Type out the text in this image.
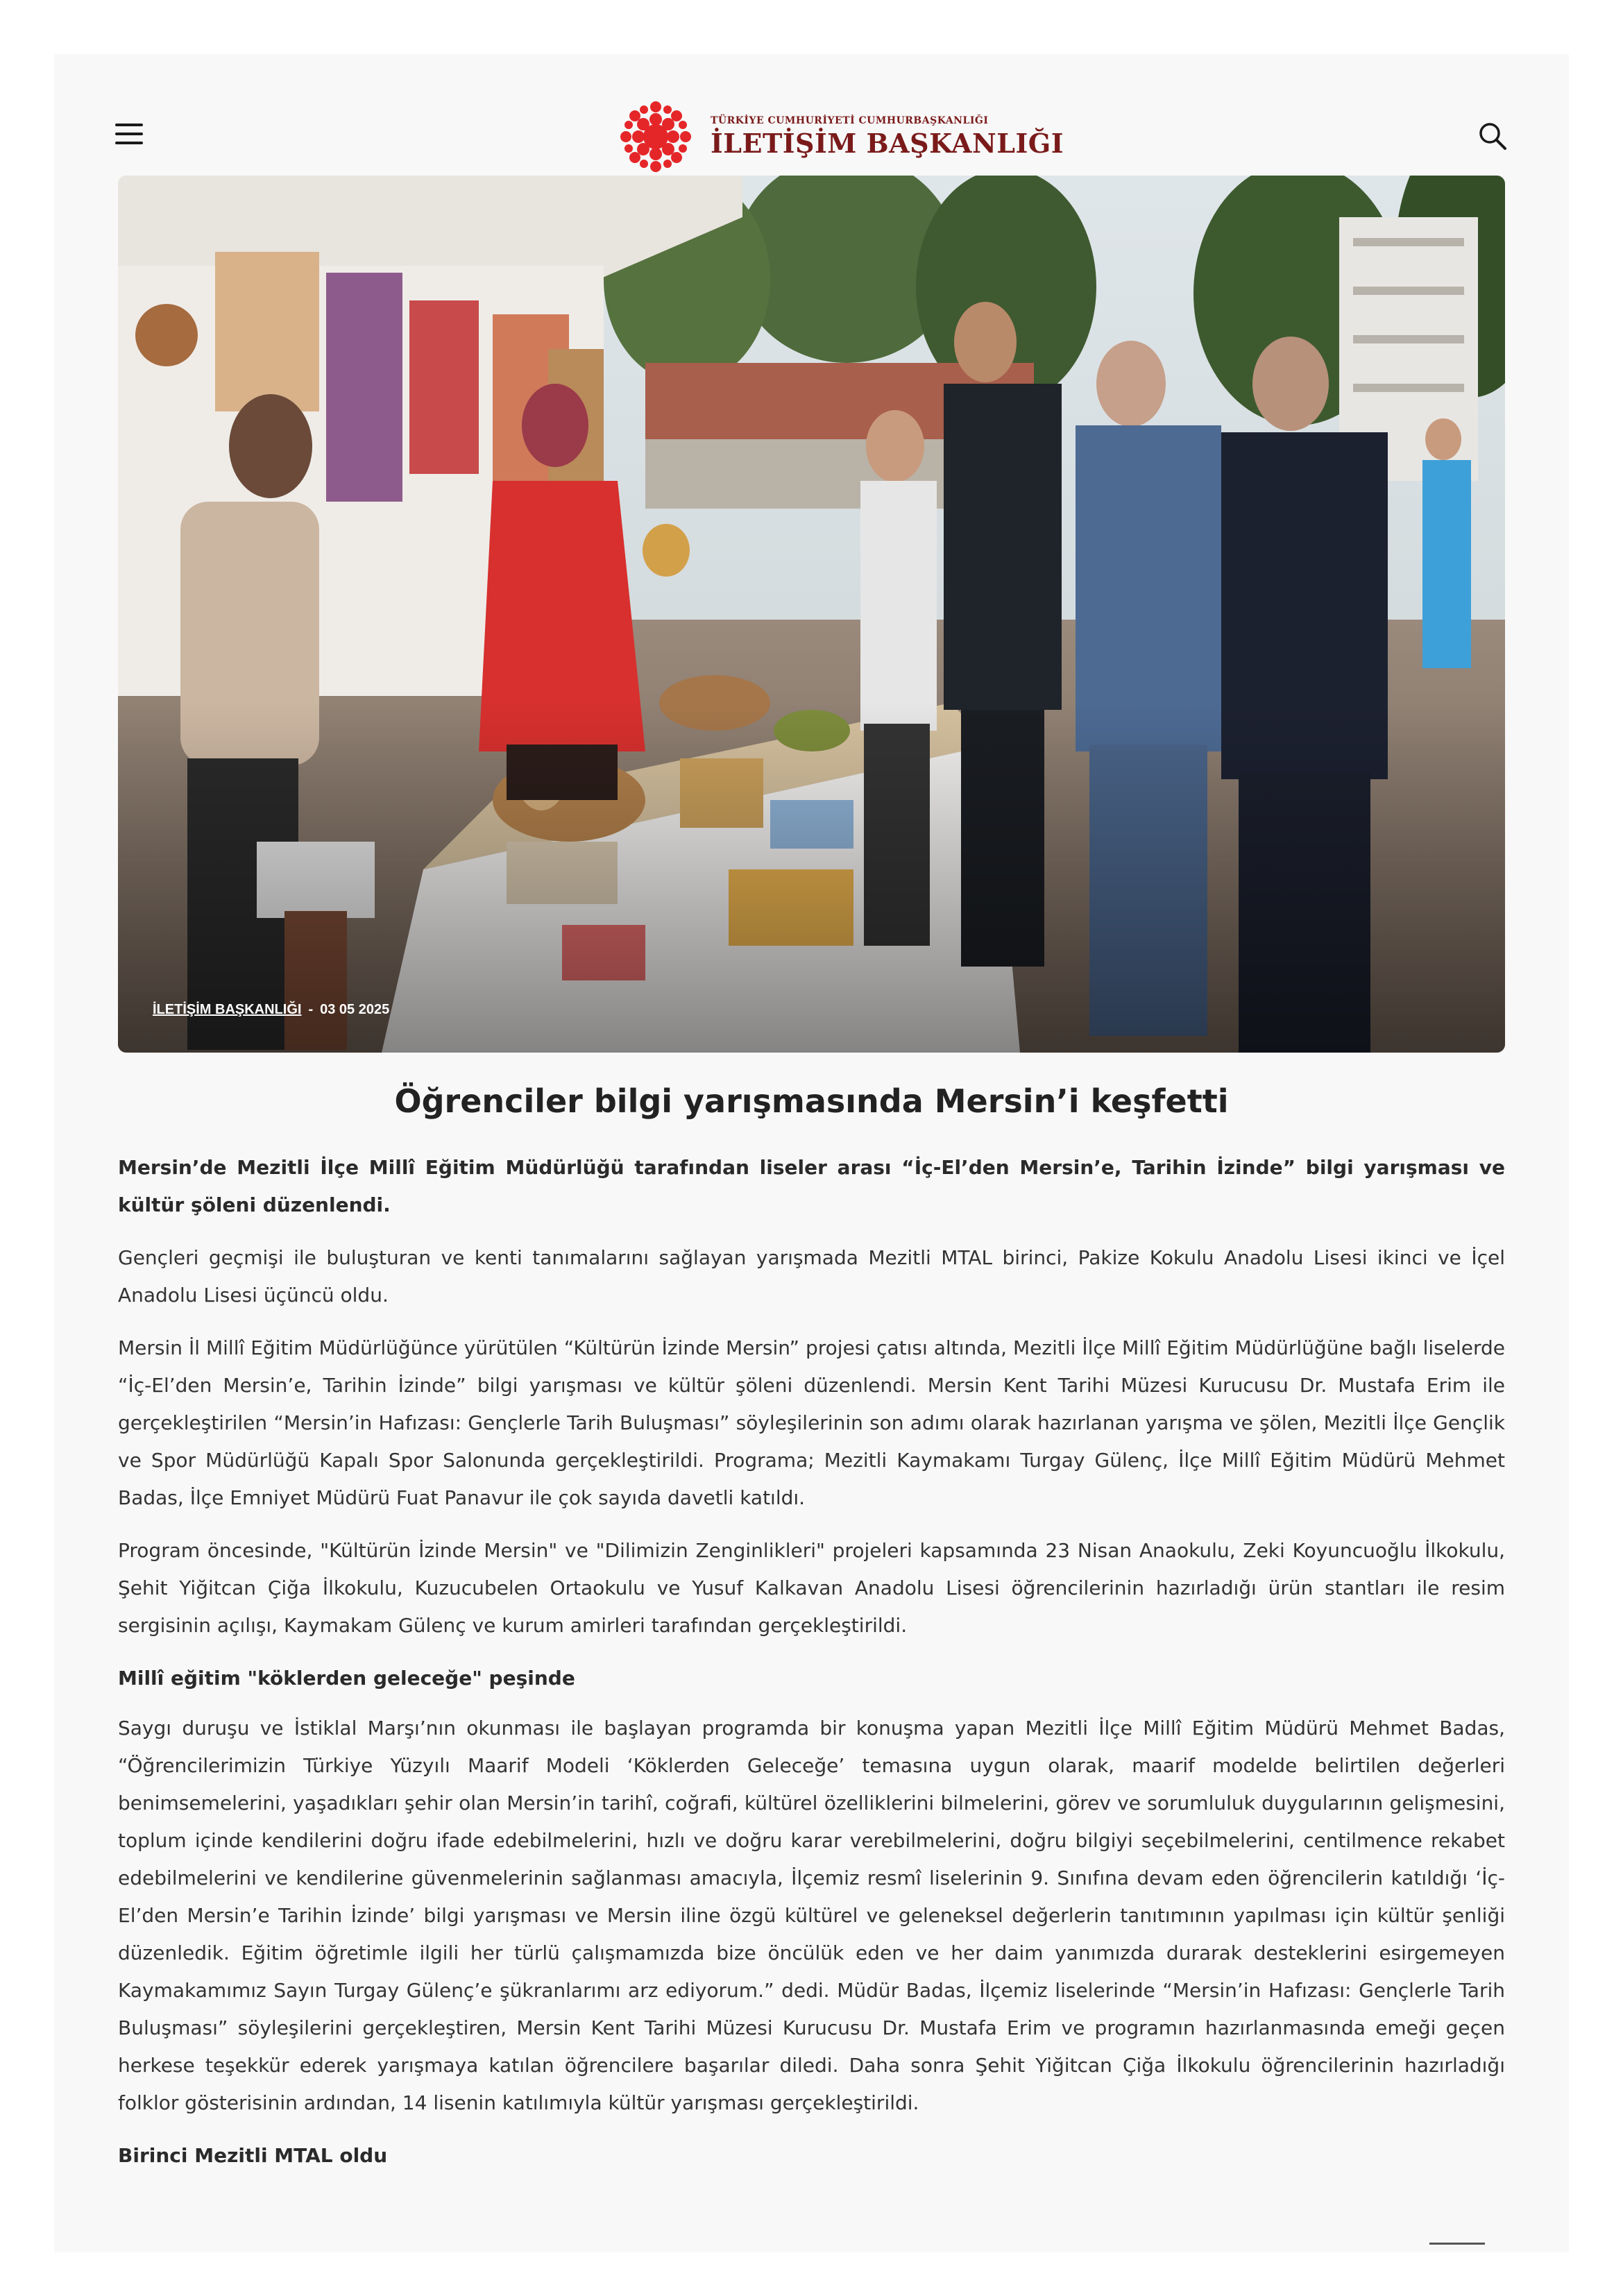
TÜRKİYE CUMHURİYETİ CUMHURBAŞKANLIĞI
İLETİŞİM BAŞKANLIĞI
İLETİŞİM BAŞKANLIĞI - 03 05 2025
Öğrenciler bilgi yarışmasında Mersin’i keşfetti

Mersin’de Mezitli İlçe Millî Eğitim Müdürlüğü tarafından liseler arası “İç-El’den Mersin’e, Tarihin İzinde” bilgi yarışması ve kültür şöleni düzenlendi.

Gençleri geçmişi ile buluşturan ve kenti tanımalarını sağlayan yarışmada Mezitli MTAL birinci, Pakize Kokulu Anadolu Lisesi ikinci ve İçel Anadolu Lisesi üçüncü oldu.

Mersin İl Millî Eğitim Müdürlüğünce yürütülen “Kültürün İzinde Mersin” projesi çatısı altında, Mezitli İlçe Millî Eğitim Müdürlüğüne bağlı liselerde “İç-El’den Mersin’e, Tarihin İzinde” bilgi yarışması ve kültür şöleni düzenlendi. Mersin Kent Tarihi Müzesi Kurucusu Dr. Mustafa Erim ile gerçekleştirilen “Mersin’in Hafızası: Gençlerle Tarih Buluşması” söyleşilerinin son adımı olarak hazırlanan yarışma ve şölen, Mezitli İlçe Gençlik ve Spor Müdürlüğü Kapalı Spor Salonunda gerçekleştirildi. Programa; Mezitli Kaymakamı Turgay Gülenç, İlçe Millî Eğitim Müdürü Mehmet Badas, İlçe Emniyet Müdürü Fuat Panavur ile çok sayıda davetli katıldı.

Program öncesinde, "Kültürün İzinde Mersin" ve "Dilimizin Zenginlikleri" projeleri kapsamında 23 Nisan Anaokulu, Zeki Koyuncuoğlu İlkokulu, Şehit Yiğitcan Çiğa İlkokulu, Kuzucubelen Ortaokulu ve Yusuf Kalkavan Anadolu Lisesi öğrencilerinin hazırladığı ürün stantları ile resim sergisinin açılışı, Kaymakam Gülenç ve kurum amirleri tarafından gerçekleştirildi.

Millî eğitim "köklerden geleceğe" peşinde

Saygı duruşu ve İstiklal Marşı’nın okunması ile başlayan programda bir konuşma yapan Mezitli İlçe Millî Eğitim Müdürü Mehmet Badas, “Öğrencilerimizin Türkiye Yüzyılı Maarif Modeli ‘Köklerden Geleceğe’ temasına uygun olarak, maarif modelde belirtilen değerleri benimsemelerini, yaşadıkları şehir olan Mersin’in tarihî, coğrafi, kültürel özelliklerini bilmelerini, görev ve sorumluluk duygularının gelişmesini, toplum içinde kendilerini doğru ifade edebilmelerini, hızlı ve doğru karar verebilmelerini, doğru bilgiyi seçebilmelerini, centilmence rekabet edebilmelerini ve kendilerine güvenmelerinin sağlanması amacıyla, İlçemiz resmî liselerinin 9. Sınıfına devam eden öğrencilerin katıldığı ‘İç-El’den Mersin’e Tarihin İzinde’ bilgi yarışması ve Mersin iline özgü kültürel ve geleneksel değerlerin tanıtımının yapılması için kültür şenliği düzenledik. Eğitim öğretimle ilgili her türlü çalışmamızda bize öncülük eden ve her daim yanımızda durarak desteklerini esirgemeyen Kaymakamımız Sayın Turgay Gülenç’e şükranlarımı arz ediyorum.” dedi. Müdür Badas, İlçemiz liselerinde “Mersin’in Hafızası: Gençlerle Tarih Buluşması” söyleşilerini gerçekleştiren, Mersin Kent Tarihi Müzesi Kurucusu Dr. Mustafa Erim ve programın hazırlanmasında emeği geçen herkese teşekkür ederek yarışmaya katılan öğrencilere başarılar diledi. Daha sonra Şehit Yiğitcan Çiğa İlkokulu öğrencilerinin hazırladığı folklor gösterisinin ardından, 14 lisenin katılımıyla kültür yarışması gerçekleştirildi.

Birinci Mezitli MTAL oldu
